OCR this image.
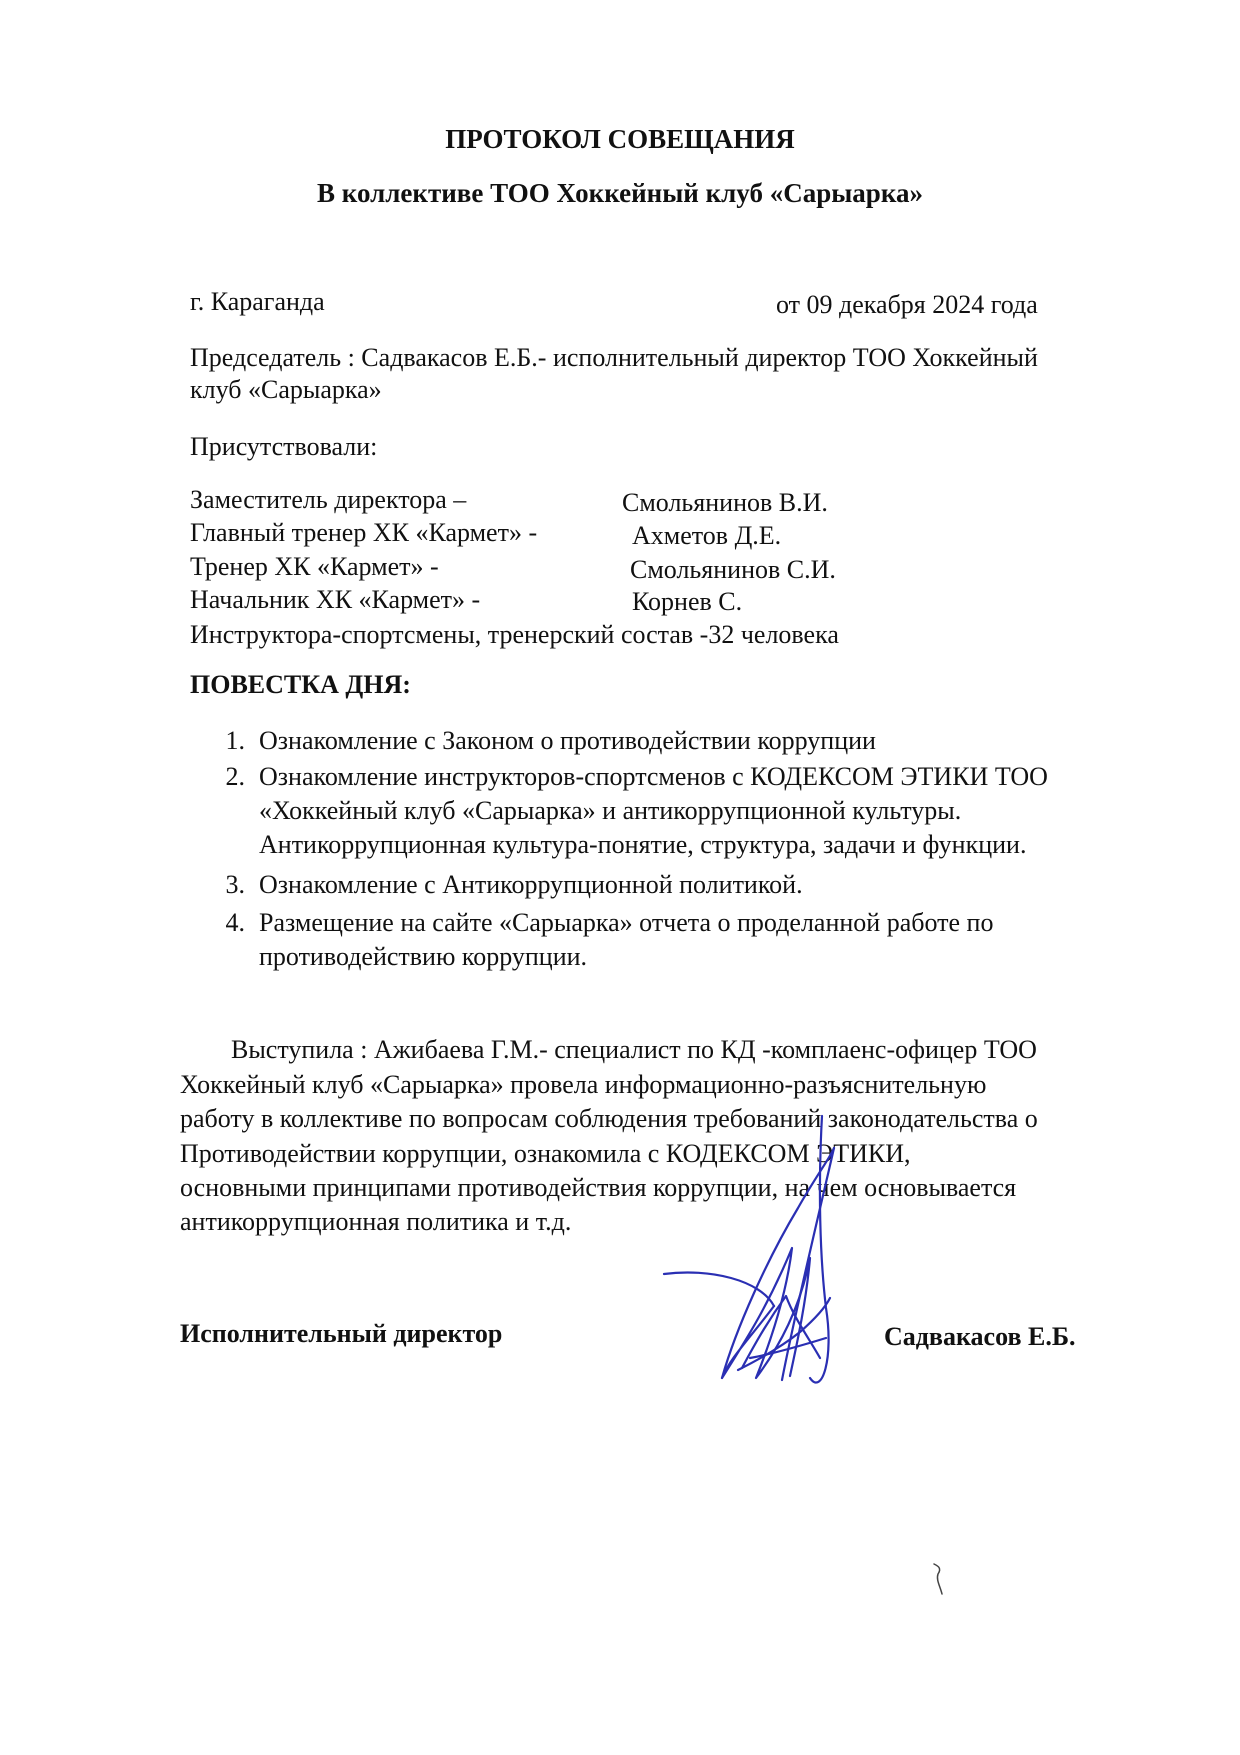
ПРОТОКОЛ СОВЕЩАНИЯ
В коллективе ТОО Хоккейный клуб «Сарыарка»
г. Караганда	от 09 декабря 2024 года
Председатель : Садвакасов Е.Б.- исполнительный директор ТОО Хоккейный
клуб «Сарыарка»
Присутствовали:
Заместитель директора –	Смольянинов В.И.
Главный тренер ХК «Кармет» -	Ахметов Д.Е.
Тренер ХК «Кармет» -	Смольянинов С.И.
Начальник ХК «Кармет» -	Корнев С.
Инструктора-спортсмены, тренерский состав -32 человека
ПОВЕСТКА ДНЯ:
1. Ознакомление с Законом о противодействии коррупции
2. Ознакомление инструкторов-спортсменов с КОДЕКСОМ ЭТИКИ ТОО
«Хоккейный клуб «Сарыарка» и антикоррупционной культуры.
Антикоррупционная культура-понятие, структура, задачи и функции.
3. Ознакомление с Антикоррупционной политикой.
4. Размещение на сайте «Сарыарка» отчета о проделанной работе по
противодействию коррупции.
Выступила : Ажибаева Г.М.- специалист по КД -комплаенс-офицер ТОО
Хоккейный клуб «Сарыарка» провела информационно-разъяснительную
работу в коллективе по вопросам соблюдения требований законодательства о
Противодействии коррупции, ознакомила с КОДЕКСОМ ЭТИКИ,
основными принципами противодействия коррупции, на чем основывается
антикоррупционная политика и т.д.
Исполнительный директор	Садвакасов Е.Б.
